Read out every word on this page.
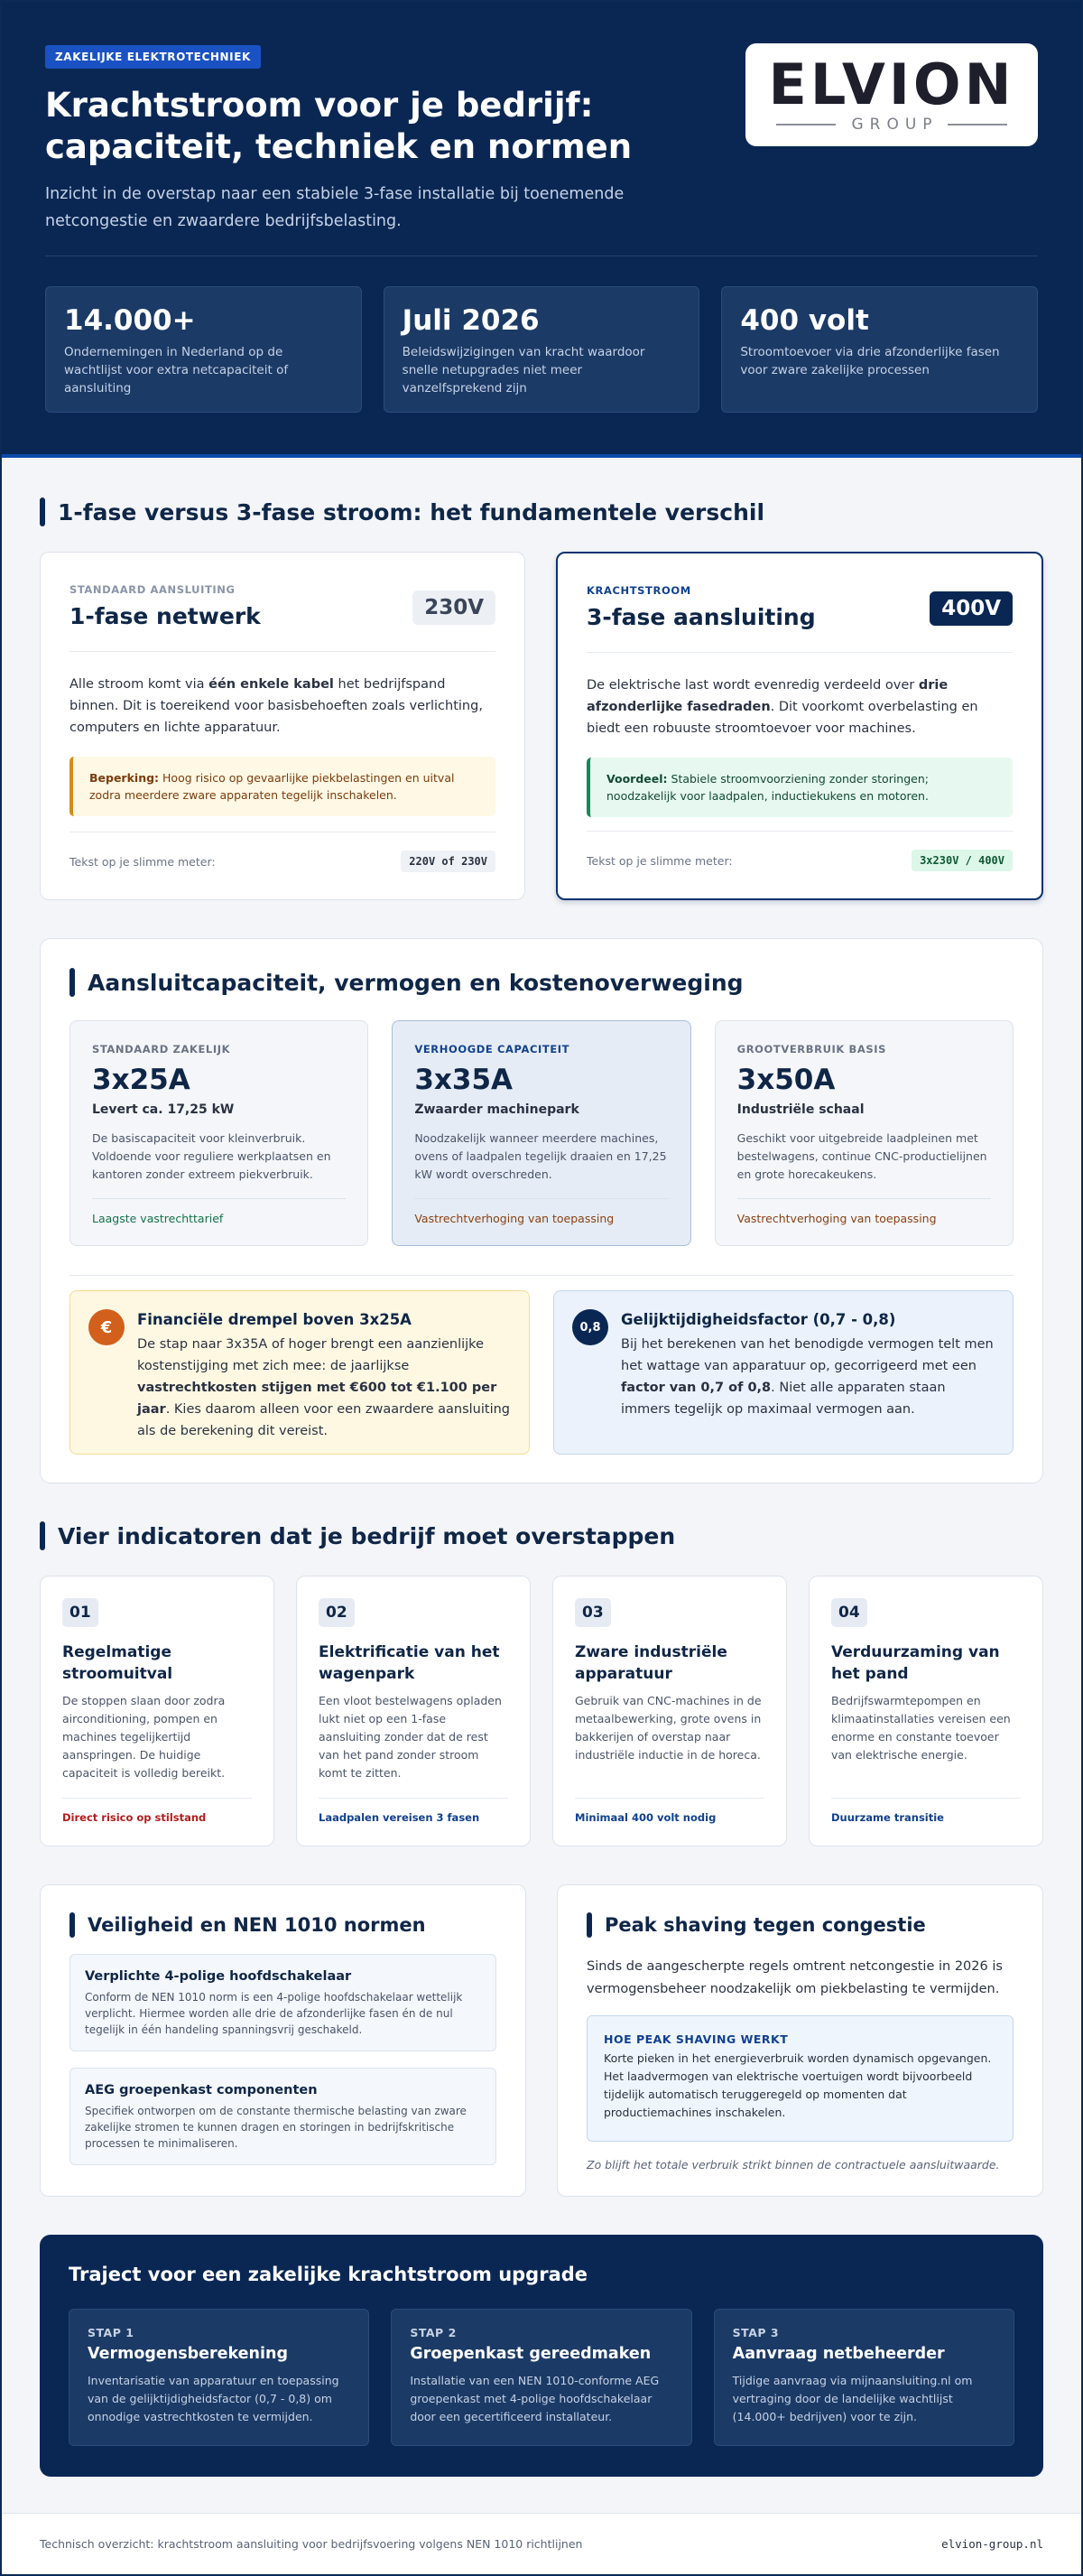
ZAKELIJKE ELEKTROTECHNIEK
Krachtstroom voor je bedrijf:
capaciteit, techniek en normen

Inzicht in de overstap naar een stabiele 3-fase installatie bij toenemende netcongestie en zwaardere bedrijfsbelasting.

ELVION
GROUP
14.000+
Ondernemingen in Nederland op de wachtlijst voor extra netcapaciteit of aansluiting
Juli 2026
Beleidswijzigingen van kracht waardoor snelle netupgrades niet meer vanzelfsprekend zijn
400 volt
Stroomtoevoer via drie afzonderlijke fasen voor zware zakelijke processen
1-fase versus 3-fase stroom: het fundamentele verschil
STANDAARD AANSLUITING
1-fase netwerk	230V

Alle stroom komt via één enkele kabel het bedrijfspand binnen. Dit is toereikend voor basisbehoeften zoals verlichting, computers en lichte apparatuur.

Beperking: Hoog risico op gevaarlijke piekbelastingen en uitval zodra meerdere zware apparaten tegelijk inschakelen.
Tekst op je slimme meter:	220V of 230V
KRACHTSTROOM
3-fase aansluiting	400V

De elektrische last wordt evenredig verdeeld over drie afzonderlijke fasedraden. Dit voorkomt overbelasting en biedt een robuuste stroomtoevoer voor machines.

Voordeel: Stabiele stroomvoorziening zonder storingen; noodzakelijk voor laadpalen, inductiekukens en motoren.
Tekst op je slimme meter:	3x230V / 400V
Aansluitcapaciteit, vermogen en kostenoverweging
STANDAARD ZAKELIJK
3x25A
Levert ca. 17,25 kW
De basiscapaciteit voor kleinverbruik. Voldoende voor reguliere werkplaatsen en kantoren zonder extreem piekverbruik.
Laagste vastrechttarief
VERHOOGDE CAPACITEIT
3x35A
Zwaarder machinepark
Noodzakelijk wanneer meerdere machines, ovens of laadpalen tegelijk draaien en 17,25 kW wordt overschreden.
Vastrechtverhoging van toepassing
GROOTVERBRUIK BASIS
3x50A
Industriële schaal
Geschikt voor uitgebreide laadpleinen met bestelwagens, continue CNC-productielijnen en grote horecakeukens.
Vastrechtverhoging van toepassing
€	Financiële drempel boven 3x25A

De stap naar 3x35A of hoger brengt een aanzienlijke kostenstijging met zich mee: de jaarlijkse vastrechtkosten stijgen met €600 tot €1.100 per jaar. Kies daarom alleen voor een zwaardere aansluiting als de berekening dit vereist.

0,8	Gelijktijdigheidsfactor (0,7 - 0,8)

Bij het berekenen van het benodigde vermogen telt men het wattage van apparatuur op, gecorrigeerd met een factor van 0,7 of 0,8. Niet alle apparaten staan immers tegelijk op maximaal vermogen aan.

Vier indicatoren dat je bedrijf moet overstappen
01
Regelmatige stroomuitval

De stoppen slaan door zodra airconditioning, pompen en machines tegelijkertijd aanspringen. De huidige capaciteit is volledig bereikt.

Direct risico op stilstand
02
Elektrificatie van het wagenpark

Een vloot bestelwagens opladen lukt niet op een 1-fase aansluiting zonder dat de rest van het pand zonder stroom komt te zitten.

Laadpalen vereisen 3 fasen
03
Zware industriële apparatuur

Gebruik van CNC-machines in de metaalbewerking, grote ovens in bakkerijen of overstap naar industriële inductie in de horeca.

Minimaal 400 volt nodig
04
Verduurzaming van het pand

Bedrijfswarmtepompen en klimaatinstallaties vereisen een enorme en constante toevoer van elektrische energie.

Duurzame transitie
Veiligheid en NEN 1010 normen
Verplichte 4-polige hoofdschakelaar

Conform de NEN 1010 norm is een 4-polige hoofdschakelaar wettelijk verplicht. Hiermee worden alle drie de afzonderlijke fasen én de nul tegelijk in één handeling spanningsvrij geschakeld.

AEG groepenkast componenten

Specifiek ontworpen om de constante thermische belasting van zware zakelijke stromen te kunnen dragen en storingen in bedrijfskritische processen te minimaliseren.

Peak shaving tegen congestie

Sinds de aangescherpte regels omtrent netcongestie in 2026 is vermogensbeheer noodzakelijk om piekbelasting te vermijden.

HOE PEAK SHAVING WERKT

Korte pieken in het energieverbruik worden dynamisch opgevangen. Het laadvermogen van elektrische voertuigen wordt bijvoorbeeld tijdelijk automatisch teruggeregeld op momenten dat productiemachines inschakelen.

Zo blijft het totale verbruik strikt binnen de contractuele aansluitwaarde.

Traject voor een zakelijke krachtstroom upgrade
STAP 1
Vermogensberekening

Inventarisatie van apparatuur en toepassing van de gelijktijdigheidsfactor (0,7 - 0,8) om onnodige vastrechtkosten te vermijden.

STAP 2
Groepenkast gereedmaken

Installatie van een NEN 1010-conforme AEG groepenkast met 4-polige hoofdschakelaar door een gecertificeerd installateur.

STAP 3
Aanvraag netbeheerder

Tijdige aanvraag via mijnaansluiting.nl om vertraging door de landelijke wachtlijst (14.000+ bedrijven) voor te zijn.

Technisch overzicht: krachtstroom aansluiting voor bedrijfsvoering volgens NEN 1010 richtlijnen	elvion-group.nl
